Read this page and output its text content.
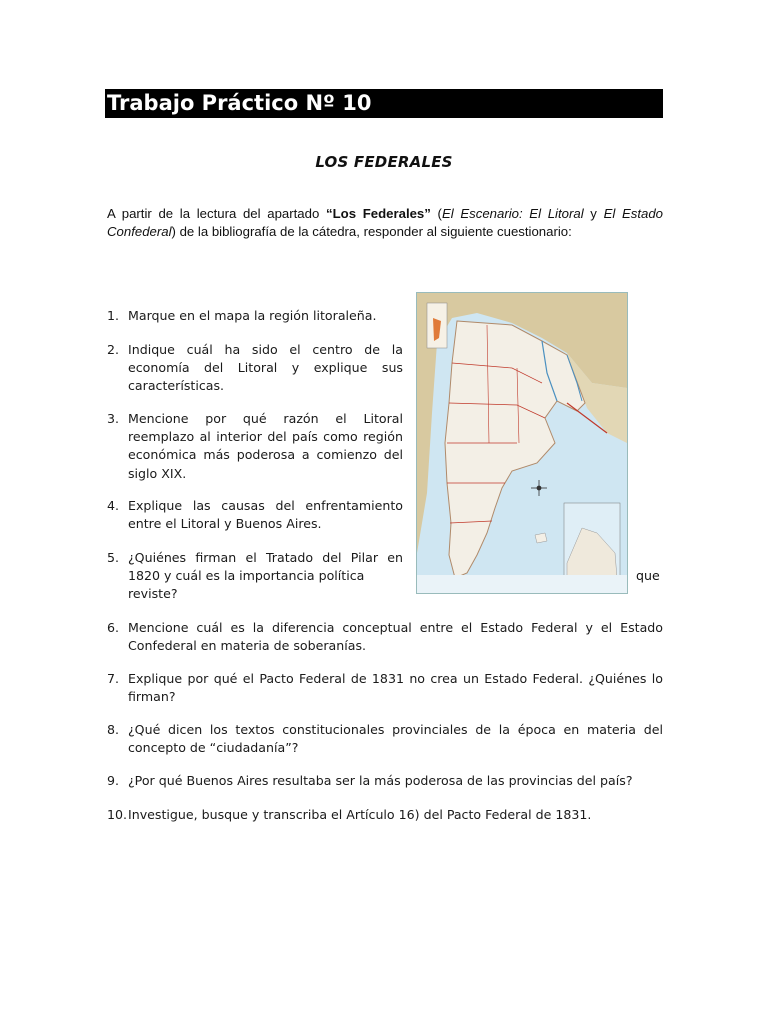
Trabajo Práctico Nº 10
LOS FEDERALES
A partir de la lectura del apartado “Los Federales” (El Escenario: El Litoral y El Estado Confederal) de la bibliografía de la cátedra, responder al siguiente cuestionario:
1. Marque en el mapa la región litoraleña.
2. Indique cuál ha sido el centro de la economía del Litoral y explique sus características.
3. Mencione por qué razón el Litoral reemplazo al interior del país como región económica más poderosa a comienzo del siglo XIX.
4. Explique las causas del enfrentamiento entre el Litoral y Buenos Aires.
5. ¿Quiénes firman el Tratado del Pilar en 1820 y cuál es la importancia política
reviste?
que
6. Mencione cuál es la diferencia conceptual entre el Estado Federal y el Estado Confederal en materia de soberanías.
7. Explique por qué el Pacto Federal de 1831 no crea un Estado Federal. ¿Quiénes lo firman?
8. ¿Qué dicen los textos constitucionales provinciales de la época en materia del concepto de “ciudadanía”?
9. ¿Por qué Buenos Aires resultaba ser la más poderosa de las provincias del país?
10. Investigue, busque y transcriba el Artículo 16) del Pacto Federal de 1831.
